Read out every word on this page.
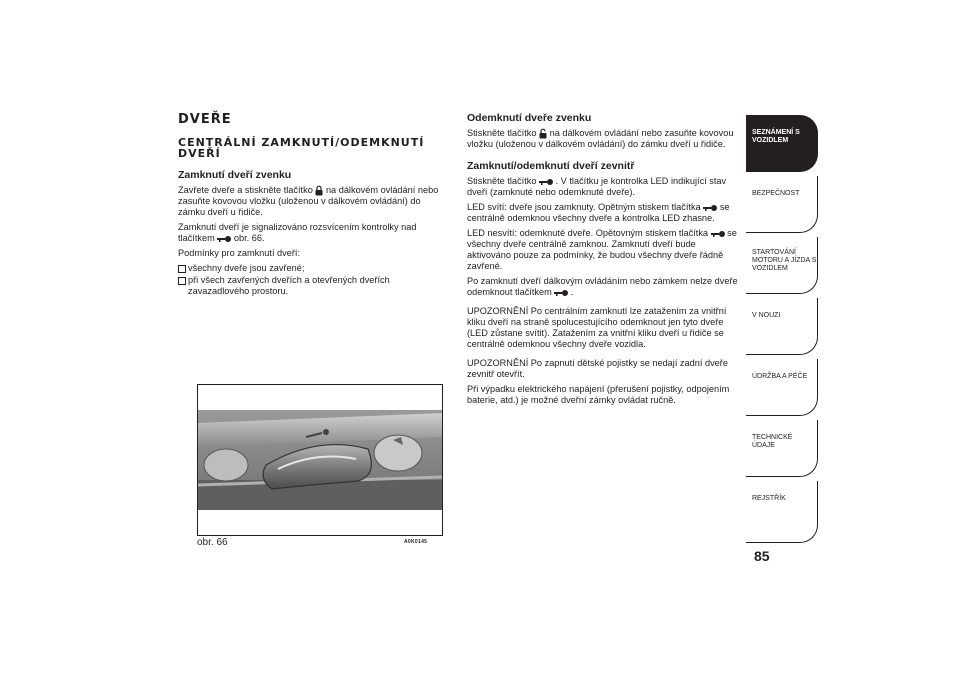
DVEŘE
CENTRÁLNÍ ZAMKNUTÍ/ODEMKNUTÍ DVEŘÍ
Zamknutí dveří zvenku

Zavřete dveře a stiskněte tlačítko na dálkovém ovládání nebo zasuňte kovovou vložku (uloženou v dálkovém ovládání) do zámku dveří u řidiče.

Zamknutí dveří je signalizováno rozsvícením kontrolky nad tlačítkem obr. 66.

Podmínky pro zamknutí dveří:

všechny dveře jsou zavřené;
při všech zavřených dveřích a otevřených dveřích zavazadlového prostoru.
obr. 66	A0K0145
Odemknutí dveře zvenku

Stiskněte tlačítko na dálkovém ovládání nebo zasuňte kovovou vložku (uloženou v dálkovém ovládání) do zámku dveří u řidiče.

Zamknutí/odemknutí dveří zevnitř

Stiskněte tlačítko . V tlačítku je kontrolka LED indikující stav dveří (zamknuté nebo odemknuté dveře).

LED svítí: dveře jsou zamknuty. Opětným stiskem tlačítka se centrálně odemknou všechny dveře a kontrolka LED zhasne.

LED nesvítí: odemknuté dveře. Opětovným stiskem tlačítka se všechny dveře centrálně zamknou. Zamknutí dveří bude aktivováno pouze za podmínky, že budou všechny dveře řádně zavřené.

Po zamknutí dveří dálkovým ovládáním nebo zámkem nelze dveře odemknout tlačítkem .

UPOZORNĚNÍ Po centrálním zamknutí lze zatažením za vnitřní kliku dveří na straně spolucestujícího odemknout jen tyto dveře (LED zůstane svítit). Zatažením za vnitřní kliku dveří u řidiče se centrálně odemknou všechny dveře vozidla.

UPOZORNĚNÍ Po zapnutí dětské pojistky se nedají zadní dveře zevnitř otevřít.

Při výpadku elektrického napájení (přerušení pojistky, odpojením baterie, atd.) je možné dveřní zámky ovládat ručně.

SEZNÁMENÍ S VOZIDLEM
BEZPEČNOST
STARTOVÁNÍ MOTORU A JÍZDA S VOZIDLEM
V NOUZI
ÚDRŽBA A PÉČE
TECHNICKÉ ÚDAJE
REJSTŘÍK
85
